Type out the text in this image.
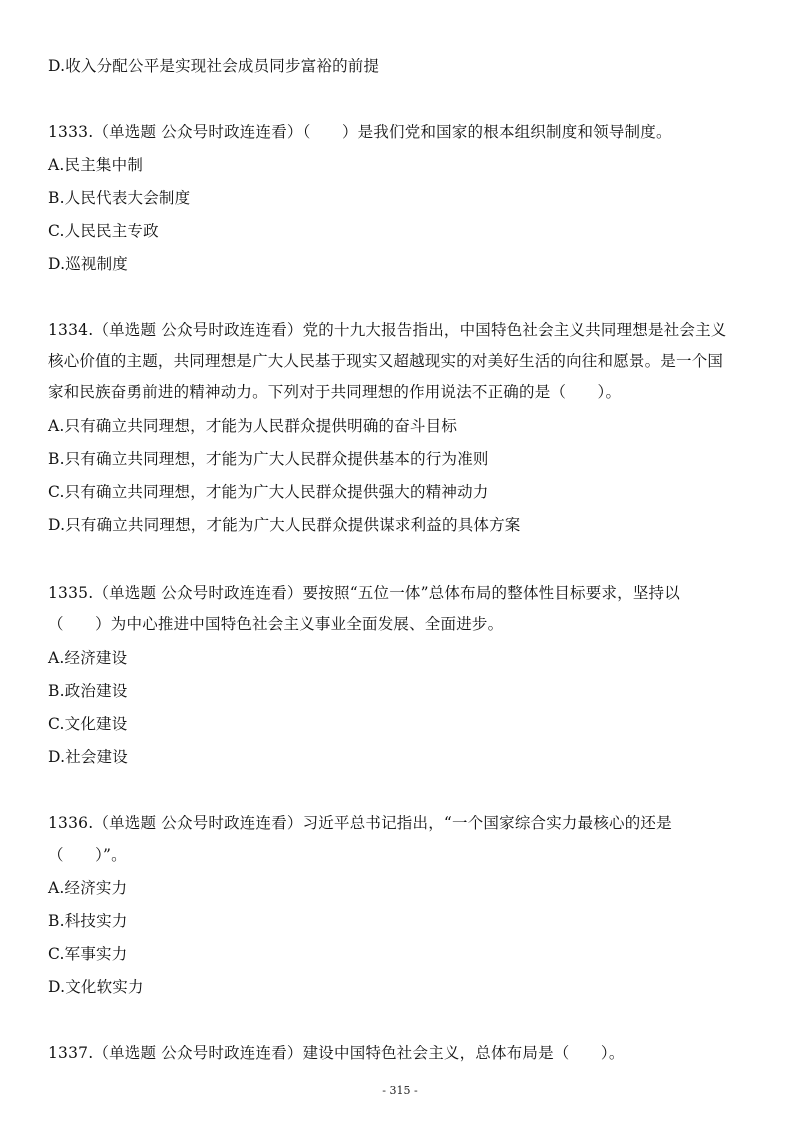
D.收入分配公平是实现社会成员同步富裕的前提
1333.（单选题 公众号时政连连看）（　　）是我们党和国家的根本组织制度和领导制度。
A.民主集中制
B.人民代表大会制度
C.人民民主专政
D.巡视制度
1334.（单选题 公众号时政连连看）党的十九大报告指出，中国特色社会主义共同理想是社会主义
核心价值的主题，共同理想是广大人民基于现实又超越现实的对美好生活的向往和愿景。是一个国
家和民族奋勇前进的精神动力。下列对于共同理想的作用说法不正确的是（　　）。
A.只有确立共同理想，才能为人民群众提供明确的奋斗目标
B.只有确立共同理想，才能为广大人民群众提供基本的行为准则
C.只有确立共同理想，才能为广大人民群众提供强大的精神动力
D.只有确立共同理想，才能为广大人民群众提供谋求利益的具体方案
1335.（单选题 公众号时政连连看）要按照“五位一体”总体布局的整体性目标要求，坚持以
（　　）为中心推进中国特色社会主义事业全面发展、全面进步。
A.经济建设
B.政治建设
C.文化建设
D.社会建设
1336.（单选题 公众号时政连连看）习近平总书记指出，“一个国家综合实力最核心的还是
（　　）”。
A.经济实力
B.科技实力
C.军事实力
D.文化软实力
1337.（单选题 公众号时政连连看）建设中国特色社会主义，总体布局是（　　）。
- 315 -
